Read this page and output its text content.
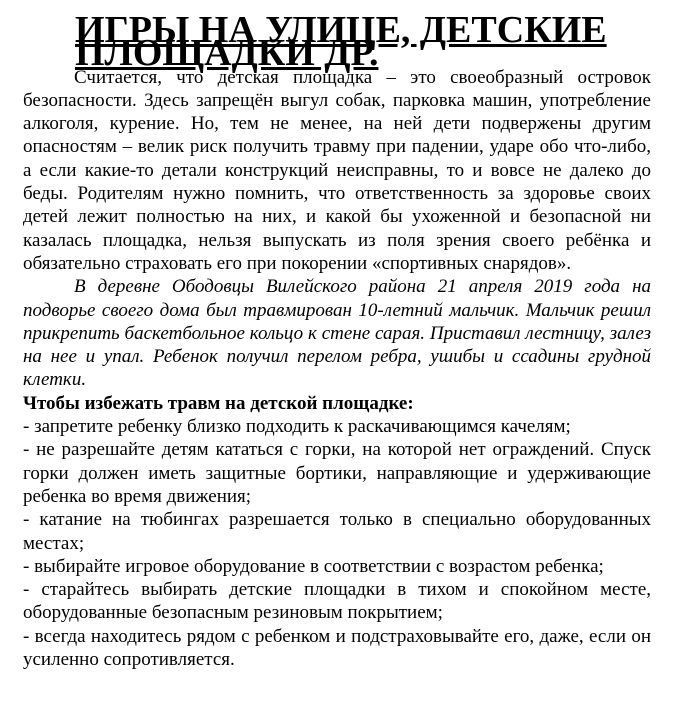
ИГРЫ НА УЛИЦЕ, ДЕТСКИЕ ПЛОЩАДКИ ДР.

Считается, что детская площадка – это своеобразный островок безопасности. Здесь запрещён выгул собак, парковка машин, употребление алкоголя, курение. Но, тем не менее, на ней дети подвержены другим опасностям – велик риск получить травму при падении, ударе обо что-либо, а если какие-то детали конструкций неисправны, то и вовсе не далеко до беды. Родителям нужно помнить, что ответственность за здоровье своих детей лежит полностью на них, и какой бы ухоженной и безопасной ни казалась площадка, нельзя выпускать из поля зрения своего ребёнка и обязательно страховать его при покорении «спортивных снарядов».

В деревне Ободовцы Вилейского района 21 апреля 2019 года на подворье своего дома был травмирован 10-летний мальчик. Мальчик решил прикрепить баскетбольное кольцо к стене сарая. Приставил лестницу, залез на нее и упал. Ребенок получил перелом ребра, ушибы и ссадины грудной клетки.

Чтобы избежать травм на детской площадке:

- запретите ребенку близко подходить к раскачивающимся качелям;
- не разрешайте детям кататься с горки, на которой нет ограждений. Спуск горки должен иметь защитные бортики, направляющие и удерживающие ребенка во время движения;
- катание на тюбингах разрешается только в специально оборудованных местах;
- выбирайте игровое оборудование в соответствии с возрастом ребенка;
- старайтесь выбирать детские площадки в тихом и спокойном месте, оборудованные безопасным резиновым покрытием;
- всегда находитесь рядом с ребенком и подстраховывайте его, даже, если он усиленно сопротивляется.
